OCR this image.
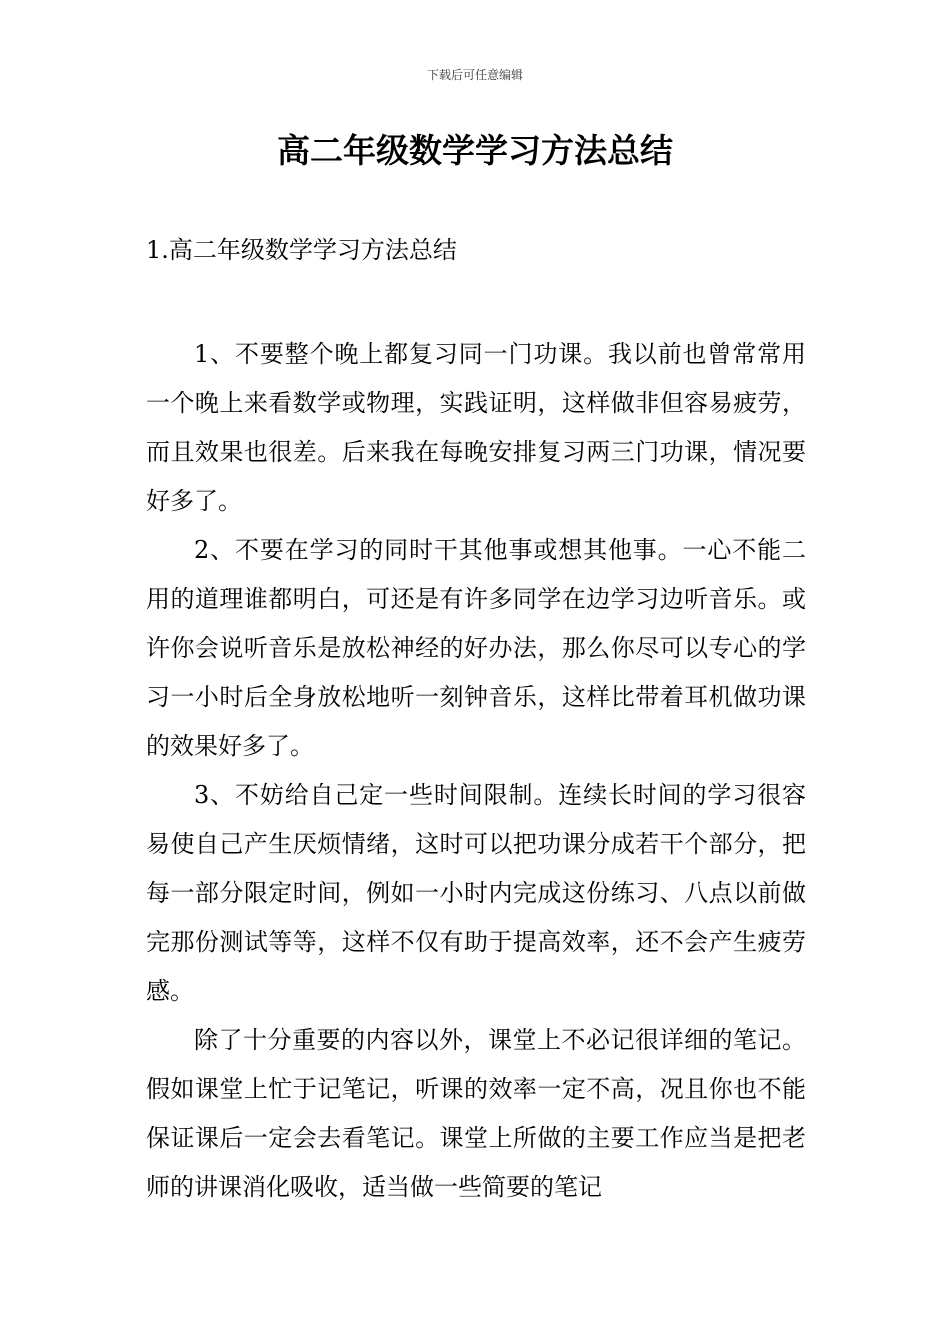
下载后可任意编辑
高二年级数学学习方法总结
1.高二年级数学学习方法总结

1、不要整个晚上都复习同一门功课。我以前也曾常常用一个晚上来看数学或物理，实践证明，这样做非但容易疲劳，而且效果也很差。后来我在每晚安排复习两三门功课，情况要好多了。

2、不要在学习的同时干其他事或想其他事。一心不能二用的道理谁都明白，可还是有许多同学在边学习边听音乐。或许你会说听音乐是放松神经的好办法，那么你尽可以专心的学习一小时后全身放松地听一刻钟音乐，这样比带着耳机做功课的效果好多了。

3、不妨给自己定一些时间限制。连续长时间的学习很容易使自己产生厌烦情绪，这时可以把功课分成若干个部分，把每一部分限定时间，例如一小时内完成这份练习、八点以前做完那份测试等等，这样不仅有助于提高效率，还不会产生疲劳感。

除了十分重要的内容以外，课堂上不必记很详细的笔记。假如课堂上忙于记笔记，听课的效率一定不高，况且你也不能保证课后一定会去看笔记。课堂上所做的主要工作应当是把老师的讲课消化吸收，适当做一些简要的笔记
